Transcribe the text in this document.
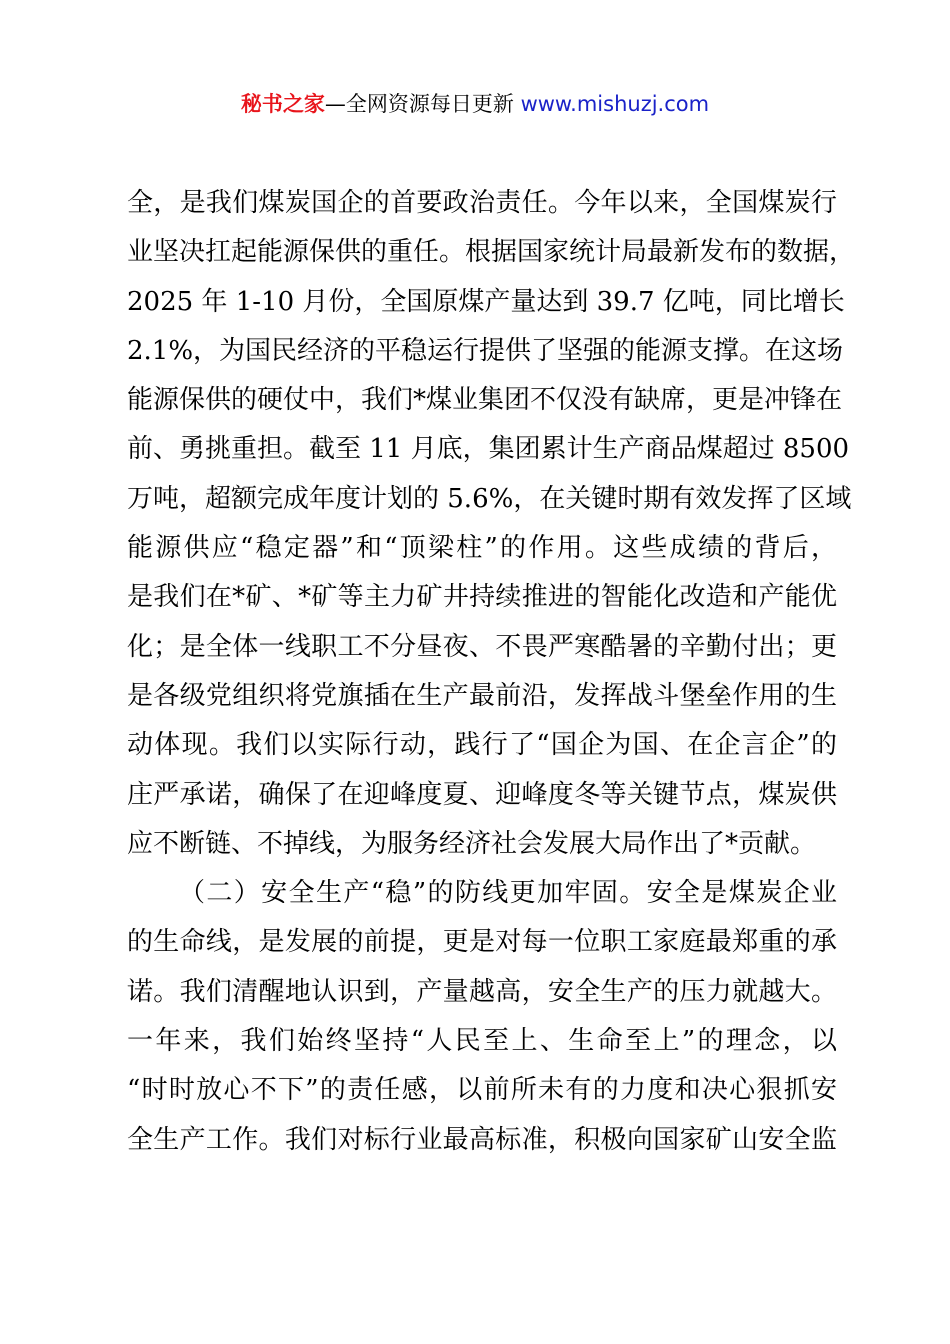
秘书之家—全网资源每日更新 www.mishuzj.com
全，是我们煤炭国企的首要政治责任。今年以来，全国煤炭行
业坚决扛起能源保供的重任。根据国家统计局最新发布的数据，
2025 年 1-10 月份，全国原煤产量达到 39.7 亿吨，同比增长
2.1%，为国民经济的平稳运行提供了坚强的能源支撑。在这场
能源保供的硬仗中，我们*煤业集团不仅没有缺席，更是冲锋在
前、勇挑重担。截至 11 月底，集团累计生产商品煤超过 8500
万吨，超额完成年度计划的 5.6%，在关键时期有效发挥了区域
能源供应“稳定器”和“顶梁柱”的作用。这些成绩的背后，
是我们在*矿、*矿等主力矿井持续推进的智能化改造和产能优
化；是全体一线职工不分昼夜、不畏严寒酷暑的辛勤付出；更
是各级党组织将党旗插在生产最前沿，发挥战斗堡垒作用的生
动体现。我们以实际行动，践行了“国企为国、在企言企”的
庄严承诺，确保了在迎峰度夏、迎峰度冬等关键节点，煤炭供
应不断链、不掉线，为服务经济社会发展大局作出了*贡献。
（二）安全生产“稳”的防线更加牢固。安全是煤炭企业
的生命线，是发展的前提，更是对每一位职工家庭最郑重的承
诺。我们清醒地认识到，产量越高，安全生产的压力就越大。
一年来，我们始终坚持“人民至上、生命至上”的理念，以
“时时放心不下”的责任感，以前所未有的力度和决心狠抓安
全生产工作。我们对标行业最高标准，积极向国家矿山安全监
